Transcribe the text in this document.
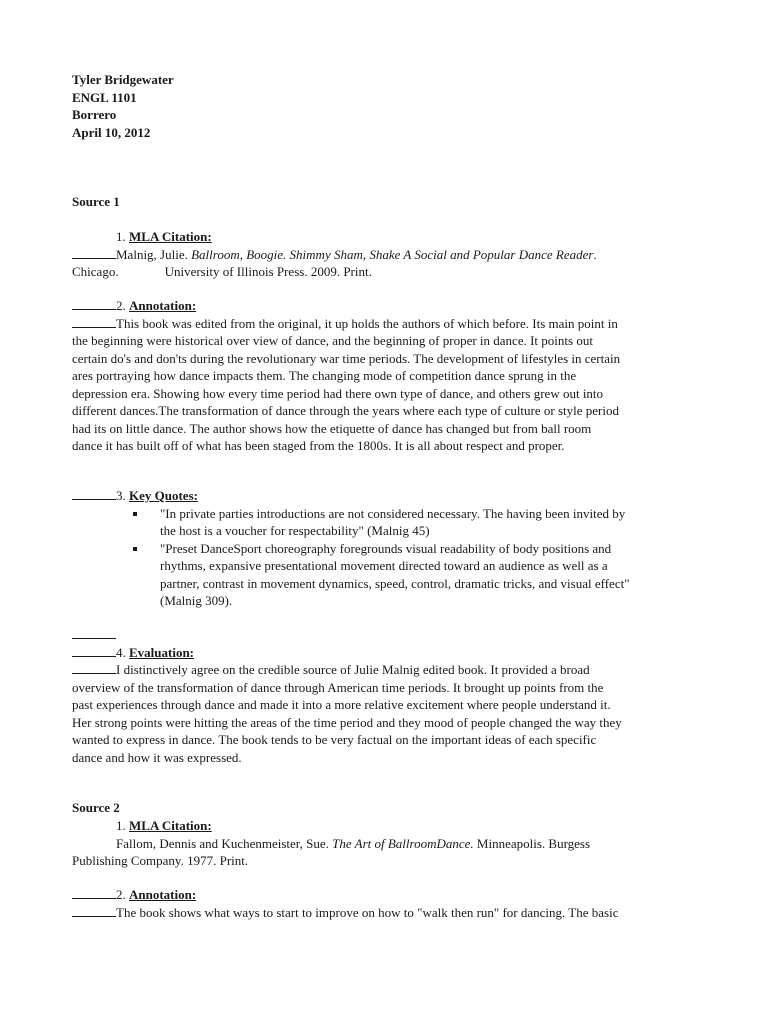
Tyler Bridgewater
ENGL 1101
Borrero
April 10, 2012
Source 1
1. MLA Citation:
Malnig, Julie. Ballroom, Boogie. Shimmy Sham, Shake A Social and Popular Dance Reader.
Chicago.	University of Illinois Press. 2009. Print.
2. Annotation:
This book was edited from the original, it up holds the authors of which before. Its main point in
the beginning were historical over view of dance, and the beginning of proper in dance. It points out
certain do's and don'ts during the revolutionary war time periods. The development of lifestyles in certain
ares portraying how dance impacts them. The changing mode of competition dance sprung in the
depression era. Showing how every time period had there own type of dance, and others grew out into
different dances.The transformation of dance through the years where each type of culture or style period
had its on little dance. The author shows how the etiquette of dance has changed but from ball room
dance it has built off of what has been staged from the 1800s. It is all about respect and proper.
3. Key Quotes:
"In private parties introductions are not considered necessary. The having been invited by
the host is a voucher for respectability" (Malnig 45)
"Preset DanceSport choreography foregrounds visual readability of body positions and
rhythms, expansive presentational movement directed toward an audience as well as a
partner, contrast in movement dynamics, speed, control, dramatic tricks, and visual effect"
(Malnig 309).
4. Evaluation:
I distinctively agree on the credible source of Julie Malnig edited book. It provided a broad
overview of the transformation of dance through American time periods. It brought up points from the
past experiences through dance and made it into a more relative excitement where people understand it.
Her strong points were hitting the areas of the time period and they mood of people changed the way they
wanted to express in dance. The book tends to be very factual on the important ideas of each specific
dance and how it was expressed.
Source 2
1. MLA Citation:
Fallom, Dennis and Kuchenmeister, Sue. The Art of BallroomDance. Minneapolis. Burgess
Publishing Company. 1977. Print.
2. Annotation:
The book shows what ways to start to improve on how to "walk then run" for dancing. The basic
